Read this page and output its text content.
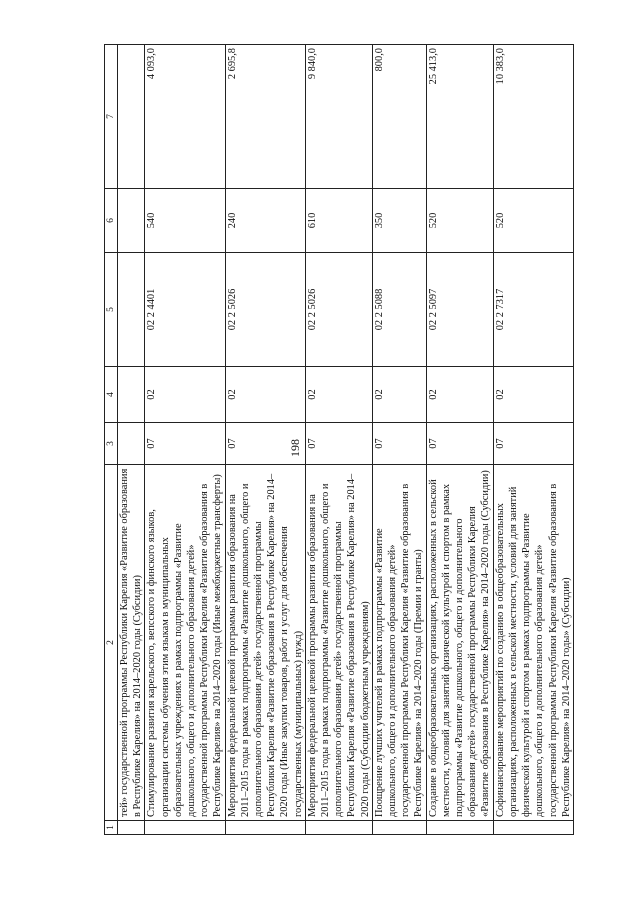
198
1	2	3	4	5	6	7
	тей» государственной программы Республики Карелия «Развитие образования в Республике Карелия» на 2014–2020 годы (Субсидии)					
	Стимулирование развития карельского, вепсского и финского языков, организации системы обучения этим языкам в муниципальных образовательных учреждениях в рамках подпрограммы «Развитие дошкольного, общего и дополнительного образования детей» государственной программы Республики Карелия «Развитие образования в Республике Карелия» на 2014–2020 годы (Иные межбюджетные трансферты)	07	02	02 2 4401	540	4 093,0
	Мероприятия федеральной целевой программы развития образования на 2011–2015 годы в рамках подпрограммы «Развитие дошкольного, общего и дополнительного образования детей» государственной программы Республики Карелия «Развитие образования в Республике Карелия» на 2014–2020 годы (Иные закупки товаров, работ и услуг для обеспечения государственных (муниципальных) нужд)	07	02	02 2 5026	240	2 695,8
	Мероприятия федеральной целевой программы развития образования на 2011–2015 годы в рамках подпрограммы «Развитие дошкольного, общего и дополнительного образования детей» государственной программы Республики Карелия «Развитие образования в Республике Карелия» на 2014–2020 годы (Субсидии бюджетным учреждениям)	07	02	02 2 5026	610	9 840,0
	Поощрение лучших учителей в рамках подпрограммы «Развитие дошкольного, общего и дополнительного образования детей» государственной программы Республики Карелия «Развитие образования в Республике Карелия» на 2014–2020 годы (Премии и гранты)	07	02	02 2 5088	350	800,0
	Создание в общеобразовательных организациях, расположенных в сельской местности, условий для занятий физической культурой и спортом в рамках подпрограммы «Развитие дошкольного, общего и дополнительного образования детей» государственной программы Республики Карелия «Развитие образования в Республике Карелия» на 2014–2020 годы (Субсидии)	07	02	02 2 5097	520	25 413,0
	Софинансирование мероприятий по созданию в общеобразовательных организациях, расположенных в сельской местности, условий для занятий физической культурой и спортом в рамках подпрограммы «Развитие дошкольного, общего и дополнительного образования детей» государственной программы Республики Карелия «Развитие образования в Республике Карелия» на 2014–2020 годы» (Субсидии)	07	02	02 2 7317	520	10 383,0
